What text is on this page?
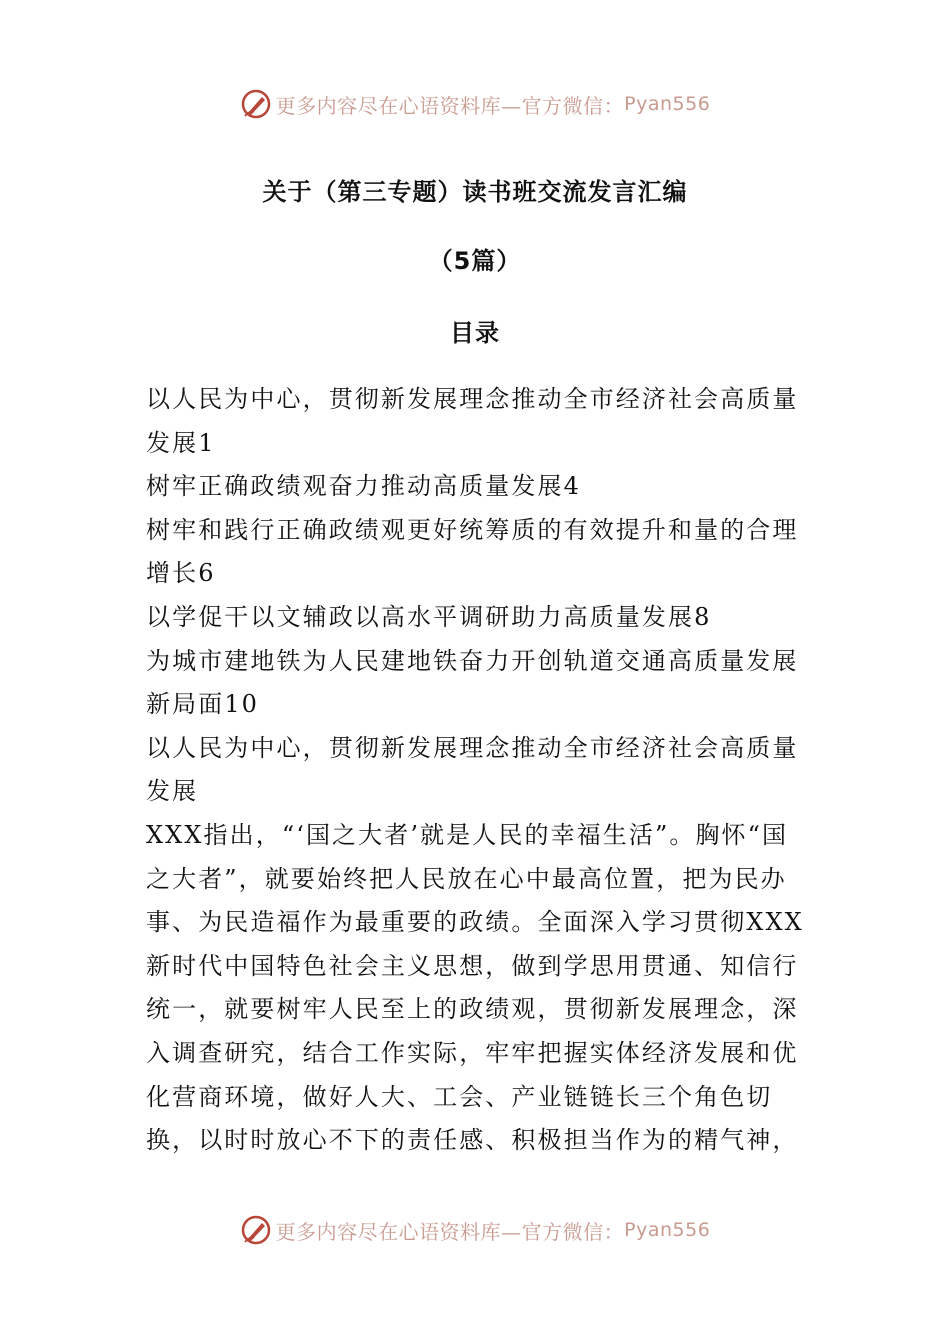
更多内容尽在心语资料库—官方微信： Pyan556
关于（第三专题）读书班交流发言汇编
（5篇）
目录

以人民为中心，贯彻新发展理念推动全市经济社会高质量发展1

树牢正确政绩观奋力推动高质量发展4

树牢和践行正确政绩观更好统筹质的有效提升和量的合理增长6

以学促干以文辅政以高水平调研助力高质量发展8

为城市建地铁为人民建地铁奋力开创轨道交通高质量发展新局面10

以人民为中心，贯彻新发展理念推动全市经济社会高质量发展

XXX指出，“‘国之大者’就是人民的幸福生活”。胸怀“国之大者”，就要始终把人民放在心中最高位置，把为民办事、为民造福作为最重要的政绩。全面深入学习贯彻XXX新时代中国特色社会主义思想，做到学思用贯通、知信行统一，就要树牢人民至上的政绩观，贯彻新发展理念，深入调查研究，结合工作实际，牢牢把握实体经济发展和优化营商环境，做好人大、工会、产业链链长三个角色切换，以时时放心不下的责任感、积极担当作为的精气神，

更多内容尽在心语资料库—官方微信： Pyan556
